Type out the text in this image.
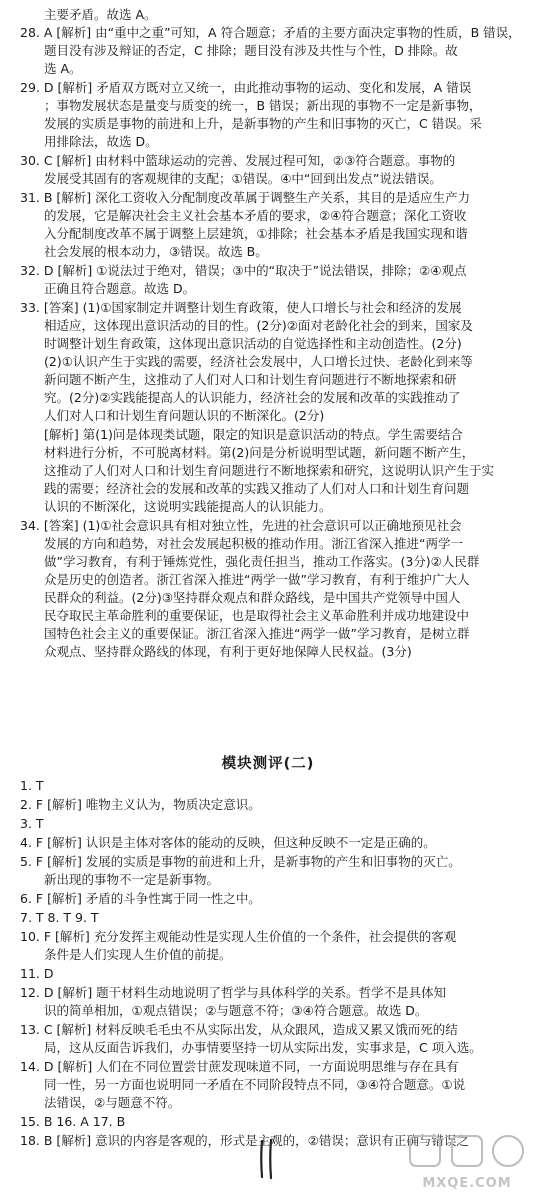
主要矛盾。故选 A。
28. A [解析] 由“重中之重”可知，A 符合题意；矛盾的主要方面决定事物的性质，B 错误，
题目没有涉及辩证的否定，C 排除；题目没有涉及共性与个性，D 排除。故
选 A。
29. D [解析] 矛盾双方既对立又统一，由此推动事物的运动、变化和发展，A 错误
；事物发展状态是量变与质变的统一，B 错误；新出现的事物不一定是新事物，
发展的实质是事物的前进和上升，是新事物的产生和旧事物的灭亡，C 错误。采
用排除法，故选 D。
30. C [解析] 由材料中篮球运动的完善、发展过程可知，②③符合题意。事物的
发展受其固有的客观规律的支配；①错误。④中“回到出发点”说法错误。
31. B [解析] 深化工资收入分配制度改革属于调整生产关系，其目的是适应生产力
的发展，它是解决社会主义社会基本矛盾的要求，②④符合题意；深化工资收
入分配制度改革不属于调整上层建筑，①排除；社会基本矛盾是我国实现和谐
社会发展的根本动力，③错误。故选 B。
32. D [解析] ①说法过于绝对，错误；③中的“取决于”说法错误，排除；②④观点
正确且符合题意。故选 D。
33. [答案] (1)①国家制定并调整计划生育政策，使人口增长与社会和经济的发展
相适应，这体现出意识活动的目的性。(2分)②面对老龄化社会的到来，国家及
时调整计划生育政策，这体现出意识活动的自觉选择性和主动创造性。(2分)
(2)①认识产生于实践的需要，经济社会发展中，人口增长过快、老龄化到来等
新问题不断产生，这推动了人们对人口和计划生育问题进行不断地探索和研
究。(2分)②实践能提高人的认识能力，经济社会的发展和改革的实践推动了
人们对人口和计划生育问题认识的不断深化。(2分)
[解析] 第(1)问是体现类试题，限定的知识是意识活动的特点。学生需要结合
材料进行分析，不可脱离材料。第(2)问是分析说明型试题，新问题不断产生，
这推动了人们对人口和计划生育问题进行不断地探索和研究，这说明认识产生于实
践的需要；经济社会的发展和改革的实践又推动了人们对人口和计划生育问题
认识的不断深化，这说明实践能提高人的认识能力。
34. [答案] (1)①社会意识具有相对独立性，先进的社会意识可以正确地预见社会
发展的方向和趋势，对社会发展起积极的推动作用。浙江省深入推进“两学一
做”学习教育，有利于锤炼党性，强化责任担当，推动工作落实。(3分)②人民群
众是历史的创造者。浙江省深入推进“两学一做”学习教育，有利于维护广大人
民群众的利益。(2分)③坚持群众观点和群众路线，是中国共产党领导中国人
民夺取民主革命胜利的重要保证，也是取得社会主义革命胜利并成功地建设中
国特色社会主义的重要保证。浙江省深入推进“两学一做”学习教育，是树立群
众观点、坚持群众路线的体现，有利于更好地保障人民权益。(3分)
模块测评(二)
1. T
2. F [解析] 唯物主义认为，物质决定意识。
3. T
4. F [解析] 认识是主体对客体的能动的反映，但这种反映不一定是正确的。
5. F [解析] 发展的实质是事物的前进和上升，是新事物的产生和旧事物的灭亡。
新出现的事物不一定是新事物。
6. F [解析] 矛盾的斗争性寓于同一性之中。
7. T 8. T 9. T
10. F [解析] 充分发挥主观能动性是实现人生价值的一个条件，社会提供的客观
条件是人们实现人生价值的前提。
11. D
12. D [解析] 题干材料生动地说明了哲学与具体科学的关系。哲学不是具体知
识的简单相加，①观点错误；②与题意不符；③④符合题意。故选 D。
13. C [解析] 材料反映毛毛虫不从实际出发，从众跟风，造成又累又饿而死的结
局，这从反面告诉我们，办事情要坚持一切从实际出发，实事求是，C 项入选。
14. D [解析] 人们在不同位置尝甘蔗发现味道不同，一方面说明思维与存在具有
同一性，另一方面也说明同一矛盾在不同阶段特点不同，③④符合题意。①说
法错误，②与题意不符。
15. B 16. A 17. B
18. B [解析] 意识的内容是客观的，形式是主观的，②错误；意识有正确与错误之
MXQE.COM
